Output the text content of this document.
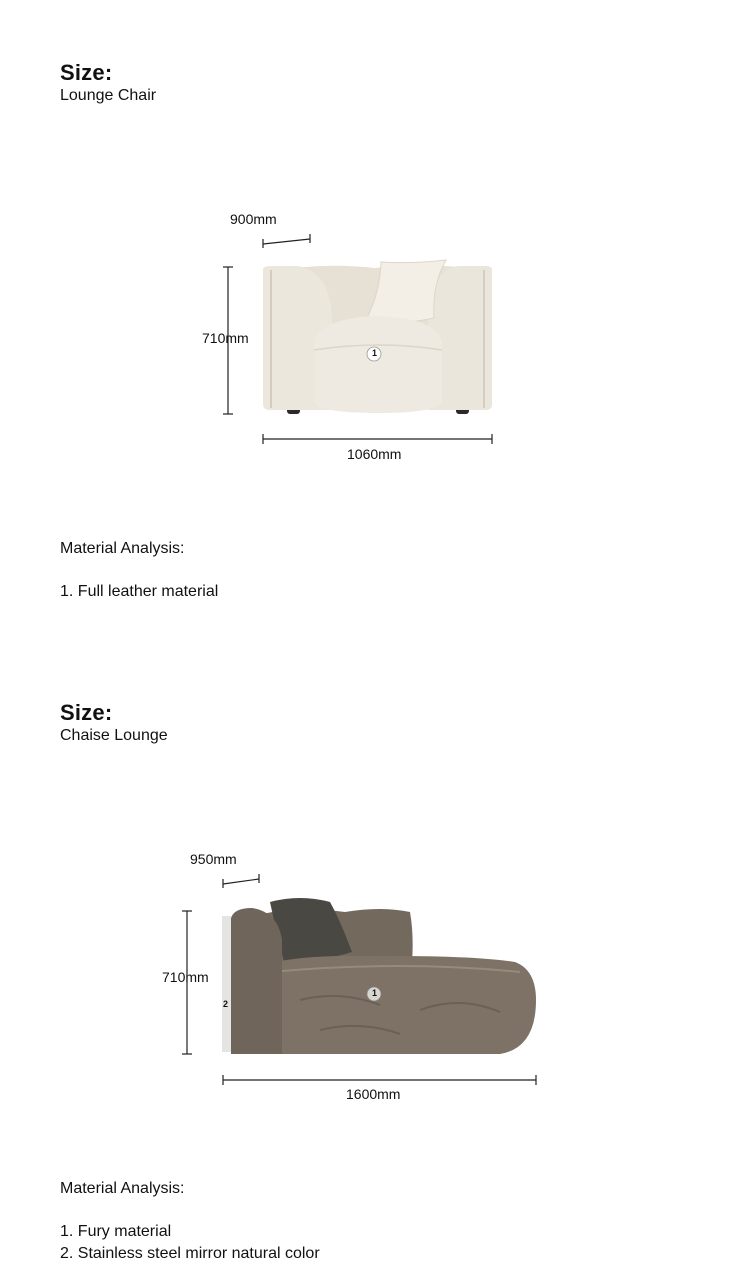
Size:
Lounge Chair
900mm
710mm
1060mm
1
Material Analysis:
1. Full leather material
Size:
Chaise Lounge
950mm
710mm
1600mm
1
2
Material Analysis:
1. Fury material
2. Stainless steel mirror natural color
